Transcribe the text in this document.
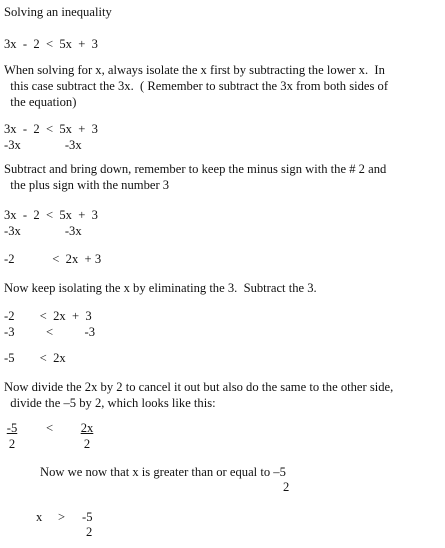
Solving an inequality
3x  -  2  <  5x  +  3
When solving for x, always isolate the x first by subtracting the lower x.  In
this case subtract the 3x.  ( Remember to subtract the 3x from both sides of
the equation)
3x  -  2  <  5x  +  3
-3x              -3x
Subtract and bring down, remember to keep the minus sign with the # 2 and
the plus sign with the number 3
3x  -  2  <  5x  +  3
-3x              -3x
-2            <  2x  + 3
Now keep isolating the x by eliminating the 3.  Subtract the 3.
-2        <  2x  +  3
-3          <          -3
-5        <  2x
Now divide the 2x by 2 to cancel it out but also do the same to the other side,
divide the –5 by 2, which looks like this:
$\frac{-5}{2} < \frac{2x}{2}$
Now we now that x is greater than or equal to –5
2
x > -5
2
